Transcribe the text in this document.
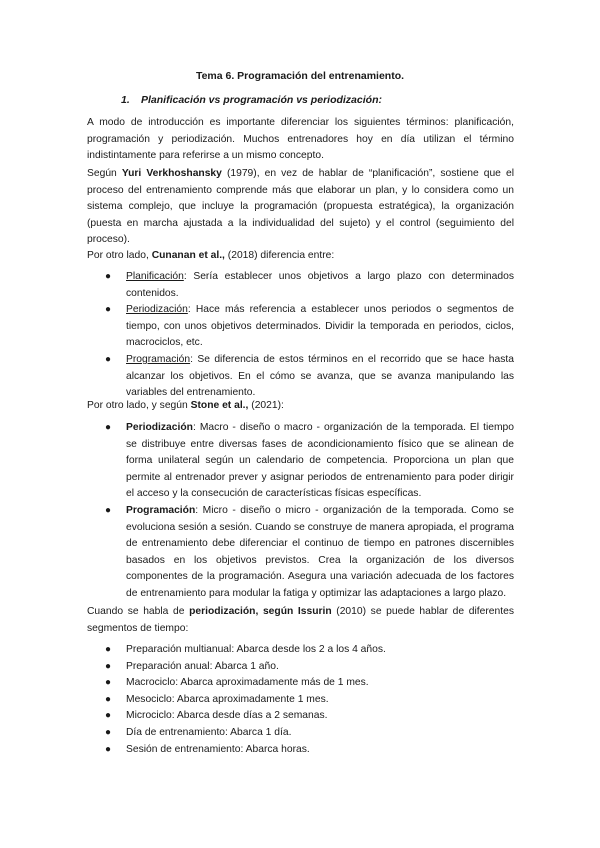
Tema 6. Programación del entrenamiento.

1. Planificación vs programación vs periodización:

A modo de introducción es importante diferenciar los siguientes términos: planificación, programación y periodización. Muchos entrenadores hoy en día utilizan el término indistintamente para referirse a un mismo concepto.

Según Yuri Verkhoshansky (1979), en vez de hablar de “planificación”, sostiene que el proceso del entrenamiento comprende más que elaborar un plan, y lo considera como un sistema complejo, que incluye la programación (propuesta estratégica), la organización (puesta en marcha ajustada a la individualidad del sujeto) y el control (seguimiento del proceso).

Por otro lado, Cunanan et al., (2018) diferencia entre:

● Planificación: Sería establecer unos objetivos a largo plazo con determinados contenidos.
● Periodización: Hace más referencia a establecer unos periodos o segmentos de tiempo, con unos objetivos determinados. Dividir la temporada en periodos, ciclos, macrociclos, etc.
● Programación: Se diferencia de estos términos en el recorrido que se hace hasta alcanzar los objetivos. En el cómo se avanza, que se avanza manipulando las variables del entrenamiento.

Por otro lado, y según Stone et al., (2021):

● Periodización: Macro - diseño o macro - organización de la temporada. El tiempo se distribuye entre diversas fases de acondicionamiento físico que se alinean de forma unilateral según un calendario de competencia. Proporciona un plan que permite al entrenador prever y asignar periodos de entrenamiento para poder dirigir el acceso y la consecución de características físicas específicas.
● Programación: Micro - diseño o micro - organización de la temporada. Como se evoluciona sesión a sesión. Cuando se construye de manera apropiada, el programa de entrenamiento debe diferenciar el continuo de tiempo en patrones discernibles basados en los objetivos previstos. Crea la organización de los diversos componentes de la programación. Asegura una variación adecuada de los factores de entrenamiento para modular la fatiga y optimizar las adaptaciones a largo plazo.

Cuando se habla de periodización, según Issurin (2010) se puede hablar de diferentes segmentos de tiempo:

● Preparación multianual: Abarca desde los 2 a los 4 años.
● Preparación anual: Abarca 1 año.
● Macrociclo: Abarca aproximadamente más de 1 mes.
● Mesociclo: Abarca aproximadamente 1 mes.
● Microciclo: Abarca desde días a 2 semanas.
● Día de entrenamiento: Abarca 1 día.
● Sesión de entrenamiento: Abarca horas.
